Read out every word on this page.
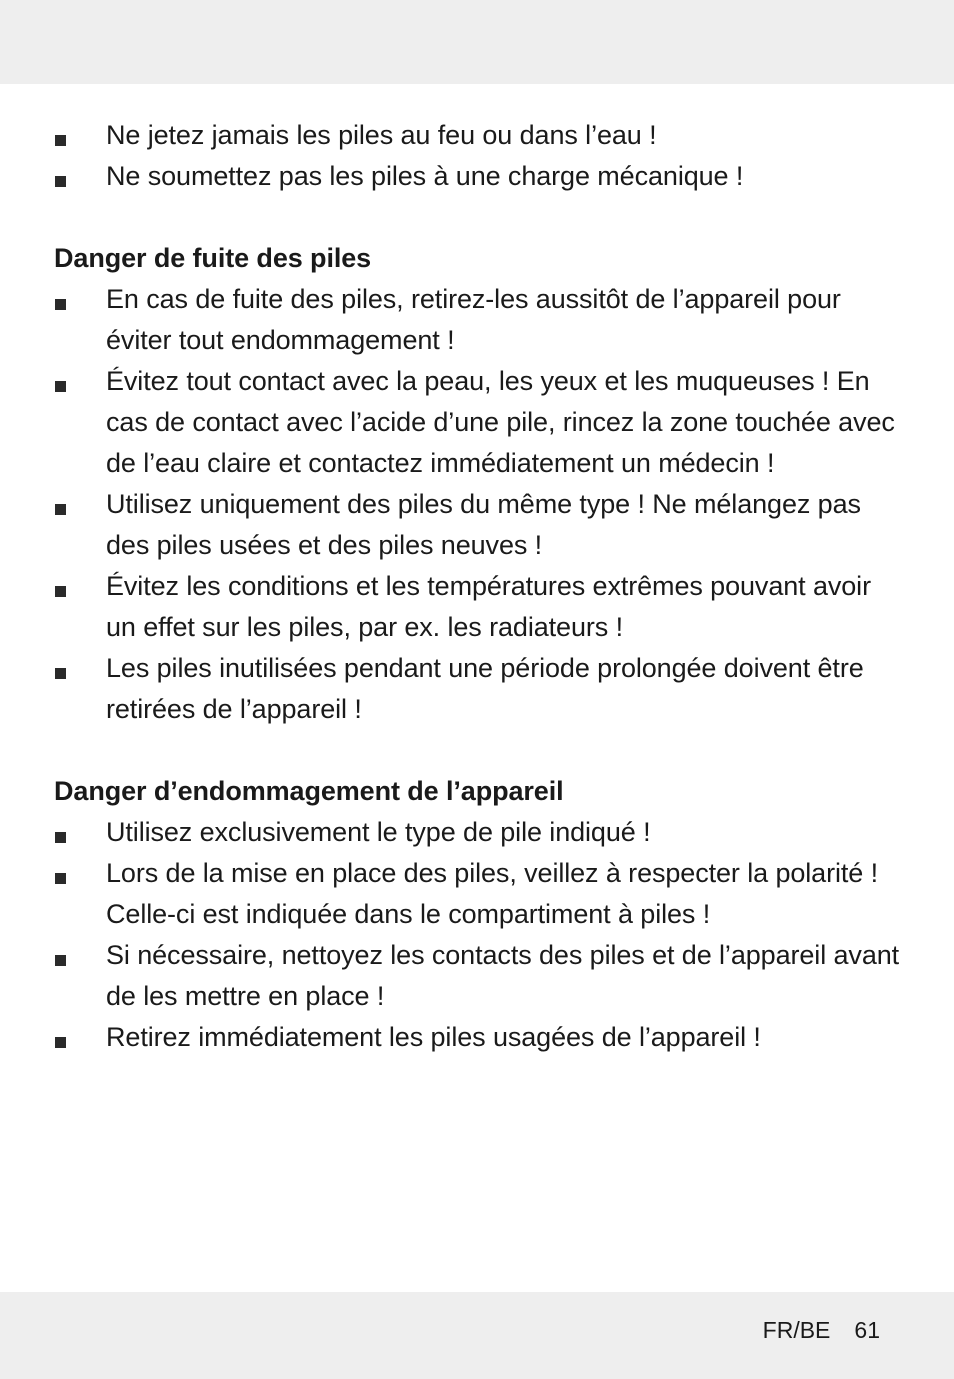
Ne jetez jamais les piles au feu ou dans l’eau !
Ne soumettez pas les piles à une charge mécanique !
Danger de fuite des piles
En cas de fuite des piles, retirez-les aussitôt de l’appareil pour éviter tout endommagement !
Évitez tout contact avec la peau, les yeux et les muqueuses ! En cas de contact avec l’acide d’une pile, rincez la zone touchée avec de l’eau claire et contactez immédiatement un médecin !
Utilisez uniquement des piles du même type ! Ne mélangez pas des piles usées et des piles neuves !
Évitez les conditions et les températures extrêmes pouvant avoir un effet sur les piles, par ex. les radiateurs !
Les piles inutilisées pendant une période prolongée doivent être retirées de l’appareil !
Danger d’endommagement de l’appareil
Utilisez exclusivement le type de pile indiqué !
Lors de la mise en place des piles, veillez à respecter la polarité ! Celle-ci est indiquée dans le compartiment à piles !
Si nécessaire, nettoyez les contacts des piles et de l’appareil avant de les mettre en place !
Retirez immédiatement les piles usagées de l’appareil !
FR/BE 61
